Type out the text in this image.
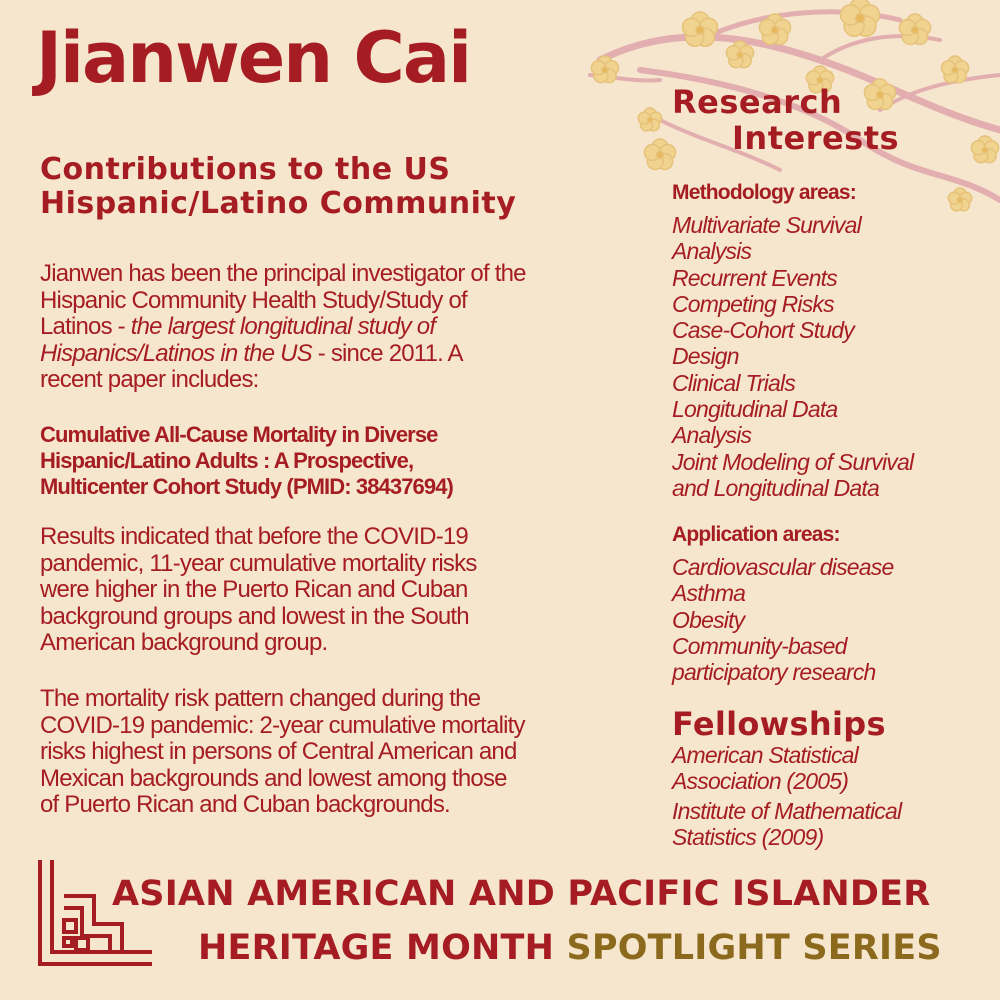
Jianwen Cai
Contributions to the US
Hispanic/Latino Community

Jianwen has been the principal investigator of the
Hispanic Community Health Study/Study of
Latinos - the largest longitudinal study of
Hispanics/Latinos in the US - since 2011. A
recent paper includes:

Cumulative All-Cause Mortality in Diverse
Hispanic/Latino Adults : A Prospective,
Multicenter Cohort Study (PMID: 38437694)

Results indicated that before the COVID-19
pandemic, 11-year cumulative mortality risks
were higher in the Puerto Rican and Cuban
background groups and lowest in the South
American background group.

The mortality risk pattern changed during the
COVID-19 pandemic: 2-year cumulative mortality
risks highest in persons of Central American and
Mexican backgrounds and lowest among those
of Puerto Rican and Cuban backgrounds.

Research
Interests

Methodology areas:

Multivariate Survival
Analysis
Recurrent Events
Competing Risks
Case-Cohort Study
Design
Clinical Trials
Longitudinal Data
Analysis
Joint Modeling of Survival
and Longitudinal Data

Application areas:

Cardiovascular disease
Asthma
Obesity
Community-based
participatory research
Fellowships
American Statistical
Association (2005)
Institute of Mathematical
Statistics (2009)
ASIAN AMERICAN AND PACIFIC ISLANDER
HERITAGE MONTH SPOTLIGHT SERIES
